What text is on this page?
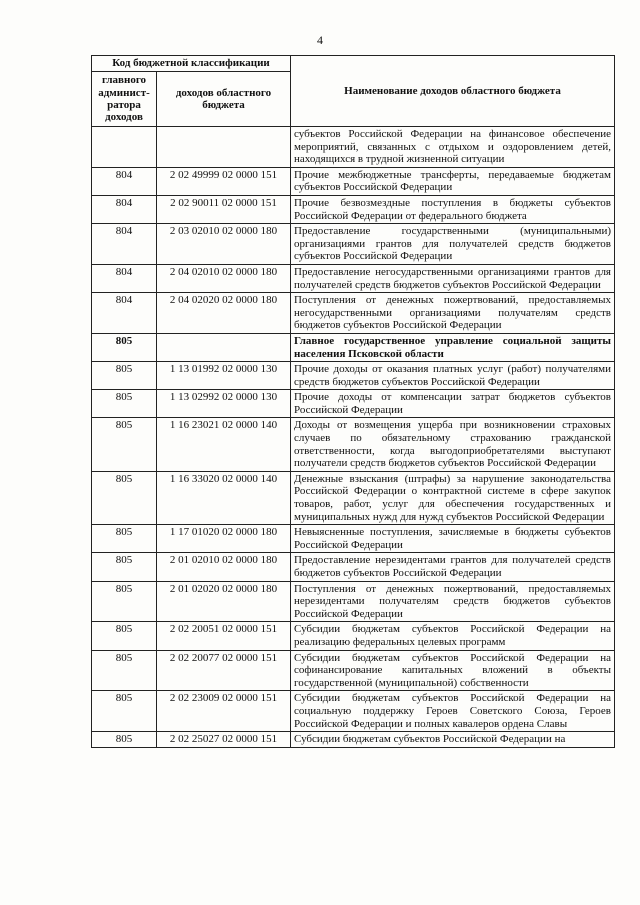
4
Код бюджетной классификации		Наименование доходов областного бюджета
главного админист-ратора доходов	доходов областного бюджета	
		субъектов Российской Федерации на финансовое обеспечение мероприятий, связанных с отдыхом и оздоровлением детей, находящихся в трудной жизненной ситуации
804	2 02 49999 02 0000 151	Прочие межбюджетные трансферты, передаваемые бюджетам субъектов Российской Федерации
804	2 02 90011 02 0000 151	Прочие безвозмездные поступления в бюджеты субъектов Российской Федерации от федерального бюджета
804	2 03 02010 02 0000 180	Предоставление государственными (муниципальными) организациями грантов для получателей средств бюджетов субъектов Российской Федерации
804	2 04 02010 02 0000 180	Предоставление негосударственными организациями грантов для получателей средств бюджетов субъектов Российской Федерации
804	2 04 02020 02 0000 180	Поступления от денежных пожертвований, предоставляемых негосударственными организациями получателям средств бюджетов субъектов Российской Федерации
805		Главное государственное управление социальной защиты населения Псковской области
805	1 13 01992 02 0000 130	Прочие доходы от оказания платных услуг (работ) получателями средств бюджетов субъектов Российской Федерации
805	1 13 02992 02 0000 130	Прочие доходы от компенсации затрат бюджетов субъектов Российской Федерации
805	1 16 23021 02 0000 140	Доходы от возмещения ущерба при возникновении страховых случаев по обязательному страхованию гражданской ответственности, когда выгодоприобретателями выступают получатели средств бюджетов субъектов Российской Федерации
805	1 16 33020 02 0000 140	Денежные взыскания (штрафы) за нарушение законодательства Российской Федерации о контрактной системе в сфере закупок товаров, работ, услуг для обеспечения государственных и муниципальных нужд для нужд субъектов Российской Федерации
805	1 17 01020 02 0000 180	Невыясненные поступления, зачисляемые в бюджеты субъектов Российской Федерации
805	2 01 02010 02 0000 180	Предоставление нерезидентами грантов для получателей средств бюджетов субъектов Российской Федерации
805	2 01 02020 02 0000 180	Поступления от денежных пожертвований, предоставляемых нерезидентами получателям средств бюджетов субъектов Российской Федерации
805	2 02 20051 02 0000 151	Субсидии бюджетам субъектов Российской Федерации на реализацию федеральных целевых программ
805	2 02 20077 02 0000 151	Субсидии бюджетам субъектов Российской Федерации на софинансирование капитальных вложений в объекты государственной (муниципальной) собственности
805	2 02 23009 02 0000 151	Субсидии бюджетам субъектов Российской Федерации на социальную поддержку Героев Советского Союза, Героев Российской Федерации и полных кавалеров ордена Славы
805	2 02 25027 02 0000 151	Субсидии бюджетам субъектов Российской Федерации на
